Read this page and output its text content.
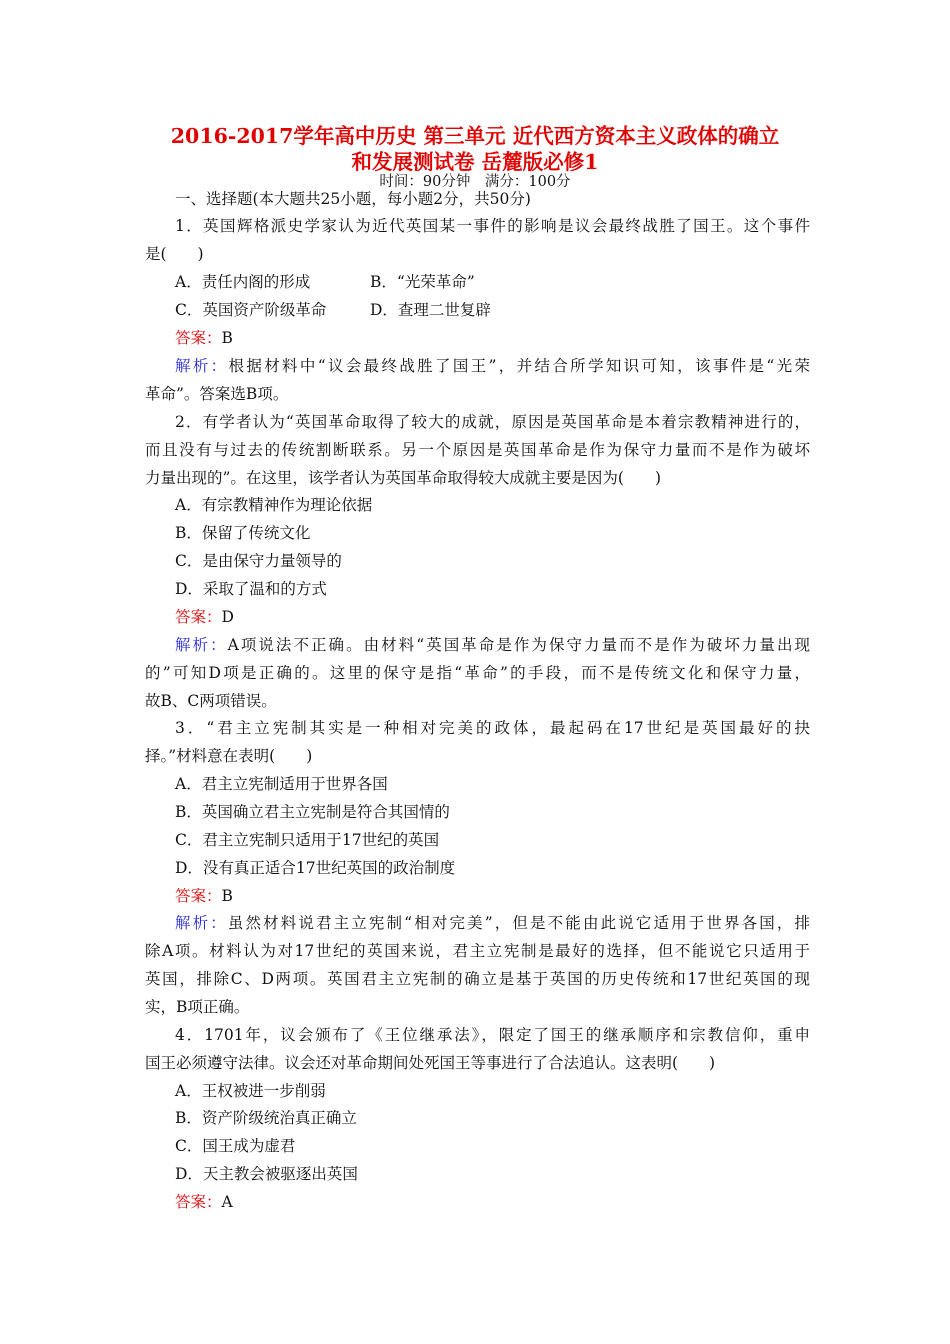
2016-2017学年高中历史 第三单元 近代西方资本主义政体的确立
和发展测试卷 岳麓版必修1
时间：90分钟　满分：100分
一、选择题(本大题共25小题，每小题2分，共50分)
1．英国辉格派史学家认为近代英国某一事件的影响是议会最终战胜了国王。这个事件
是(　　)
A．责任内阁的形成	B．“光荣革命”
C．英国资产阶级革命	D．查理二世复辟
答案：B
解析：根据材料中“议会最终战胜了国王”，并结合所学知识可知，该事件是“光荣
革命”。答案选B项。
2．有学者认为“英国革命取得了较大的成就，原因是英国革命是本着宗教精神进行的，
而且没有与过去的传统割断联系。另一个原因是英国革命是作为保守力量而不是作为破坏
力量出现的”。在这里，该学者认为英国革命取得较大成就主要是因为(　　)
A．有宗教精神作为理论依据
B．保留了传统文化
C．是由保守力量领导的
D．采取了温和的方式
答案：D
解析：A项说法不正确。由材料“英国革命是作为保守力量而不是作为破坏力量出现
的”可知D项是正确的。这里的保守是指“革命”的手段，而不是传统文化和保守力量，
故B、C两项错误。
3．“君主立宪制其实是一种相对完美的政体，最起码在17世纪是英国最好的抉
择。”材料意在表明(　　)
A．君主立宪制适用于世界各国
B．英国确立君主立宪制是符合其国情的
C．君主立宪制只适用于17世纪的英国
D．没有真正适合17世纪英国的政治制度
答案：B
解析：虽然材料说君主立宪制“相对完美”，但是不能由此说它适用于世界各国，排
除A项。材料认为对17世纪的英国来说，君主立宪制是最好的选择，但不能说它只适用于
英国，排除C、D两项。英国君主立宪制的确立是基于英国的历史传统和17世纪英国的现
实，B项正确。
4．1701年，议会颁布了《王位继承法》，限定了国王的继承顺序和宗教信仰，重申
国王必须遵守法律。议会还对革命期间处死国王等事进行了合法追认。这表明(　　)
A．王权被进一步削弱
B．资产阶级统治真正确立
C．国王成为虚君
D．天主教会被驱逐出英国
答案：A
